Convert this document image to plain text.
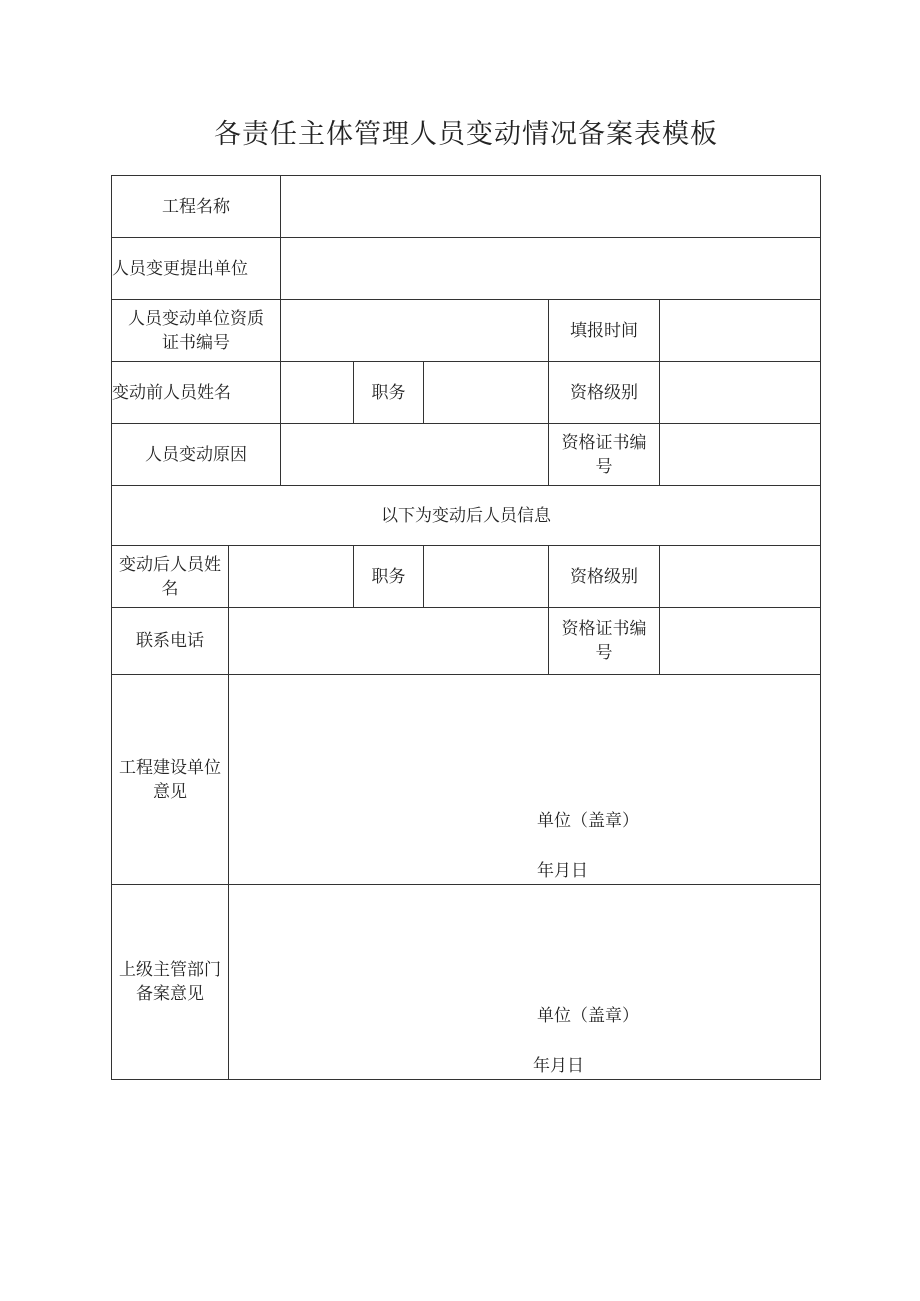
各责任主体管理人员变动情况备案表模板
工程名称						
人员变更提出单位						
人员变动单位资质证书编号					填报时间	
变动前人员姓名			职务		资格级别	
人员变动原因					资格证书编号	
以下为变动后人员信息						
变动后人员姓名			职务		资格级别	
联系电话					资格证书编号	
工程建设单位意见	单位（盖章）
年月日					

上级主管部门备案意见	单位（盖章）
年月日					
